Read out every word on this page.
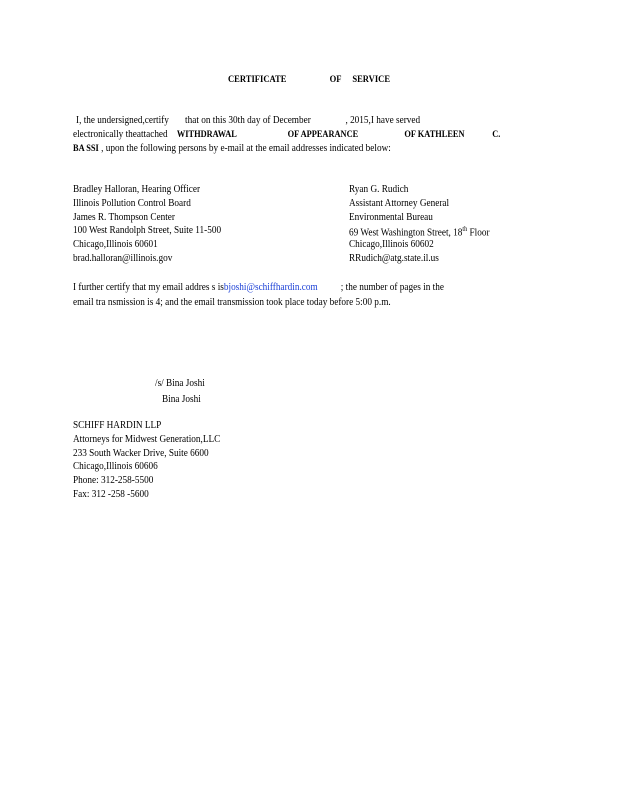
CERTIFICATE	OF SERVICE
I, the undersigned,certify that on this 30th day of December	, 2015,I have served
electronically theattached WITHDRAWAL	OF APPEARANCE	OF KATHLEEN	C.
BA SSI , upon the following persons by e-mail at the email addresses indicated below:
Bradley Halloran, Hearing Officer
Illinois Pollution Control Board
James R. Thompson Center
100 West Randolph Street, Suite 11-500
Chicago,Illinois 60601
brad.halloran@illinois.gov
Ryan G. Rudich
Assistant Attorney General
Environmental Bureau
69 West Washington Street, 18th Floor
Chicago,Illinois 60602
RRudich@atg.state.il.us
I further certify that my email addres s isbjoshi@schiffhardin.com ; the number of pages in the
email tra nsmission is 4; and the email transmission took place today before 5:00 p.m.
/s/ Bina Joshi
Bina Joshi
SCHIFF HARDIN LLP
Attorneys for Midwest Generation,LLC
233 South Wacker Drive, Suite 6600
Chicago,Illinois 60606
Phone: 312-258-5500
Fax: 312 -258 -5600
